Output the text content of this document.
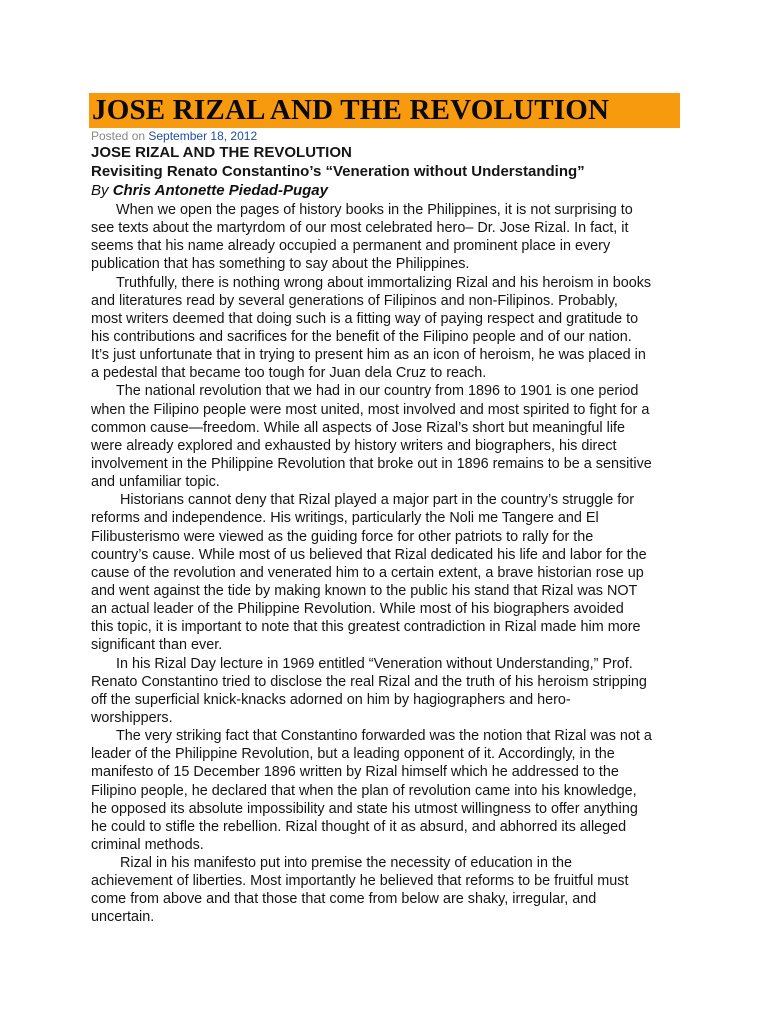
JOSE RIZAL AND THE REVOLUTION
Posted on September 18, 2012
JOSE RIZAL AND THE REVOLUTION
Revisiting Renato Constantino’s “Veneration without Understanding”
By Chris Antonette Piedad-Pugay
When we open the pages of history books in the Philippines, it is not surprising to
see texts about the martyrdom of our most celebrated hero– Dr. Jose Rizal. In fact, it
seems that his name already occupied a permanent and prominent place in every
publication that has something to say about the Philippines.
Truthfully, there is nothing wrong about immortalizing Rizal and his heroism in books
and literatures read by several generations of Filipinos and non-Filipinos. Probably,
most writers deemed that doing such is a fitting way of paying respect and gratitude to
his contributions and sacrifices for the benefit of the Filipino people and of our nation.
It’s just unfortunate that in trying to present him as an icon of heroism, he was placed in
a pedestal that became too tough for Juan dela Cruz to reach.
The national revolution that we had in our country from 1896 to 1901 is one period
when the Filipino people were most united, most involved and most spirited to fight for a
common cause—freedom. While all aspects of Jose Rizal’s short but meaningful life
were already explored and exhausted by history writers and biographers, his direct
involvement in the Philippine Revolution that broke out in 1896 remains to be a sensitive
and unfamiliar topic.
Historians cannot deny that Rizal played a major part in the country’s struggle for
reforms and independence. His writings, particularly the Noli me Tangere and El
Filibusterismo were viewed as the guiding force for other patriots to rally for the
country’s cause. While most of us believed that Rizal dedicated his life and labor for the
cause of the revolution and venerated him to a certain extent, a brave historian rose up
and went against the tide by making known to the public his stand that Rizal was NOT
an actual leader of the Philippine Revolution. While most of his biographers avoided
this topic, it is important to note that this greatest contradiction in Rizal made him more
significant than ever.
In his Rizal Day lecture in 1969 entitled “Veneration without Understanding,” Prof.
Renato Constantino tried to disclose the real Rizal and the truth of his heroism stripping
off the superficial knick-knacks adorned on him by hagiographers and hero-
worshippers.
The very striking fact that Constantino forwarded was the notion that Rizal was not a
leader of the Philippine Revolution, but a leading opponent of it. Accordingly, in the
manifesto of 15 December 1896 written by Rizal himself which he addressed to the
Filipino people, he declared that when the plan of revolution came into his knowledge,
he opposed its absolute impossibility and state his utmost willingness to offer anything
he could to stifle the rebellion. Rizal thought of it as absurd, and abhorred its alleged
criminal methods.
Rizal in his manifesto put into premise the necessity of education in the
achievement of liberties. Most importantly he believed that reforms to be fruitful must
come from above and that those that come from below are shaky, irregular, and
uncertain.
